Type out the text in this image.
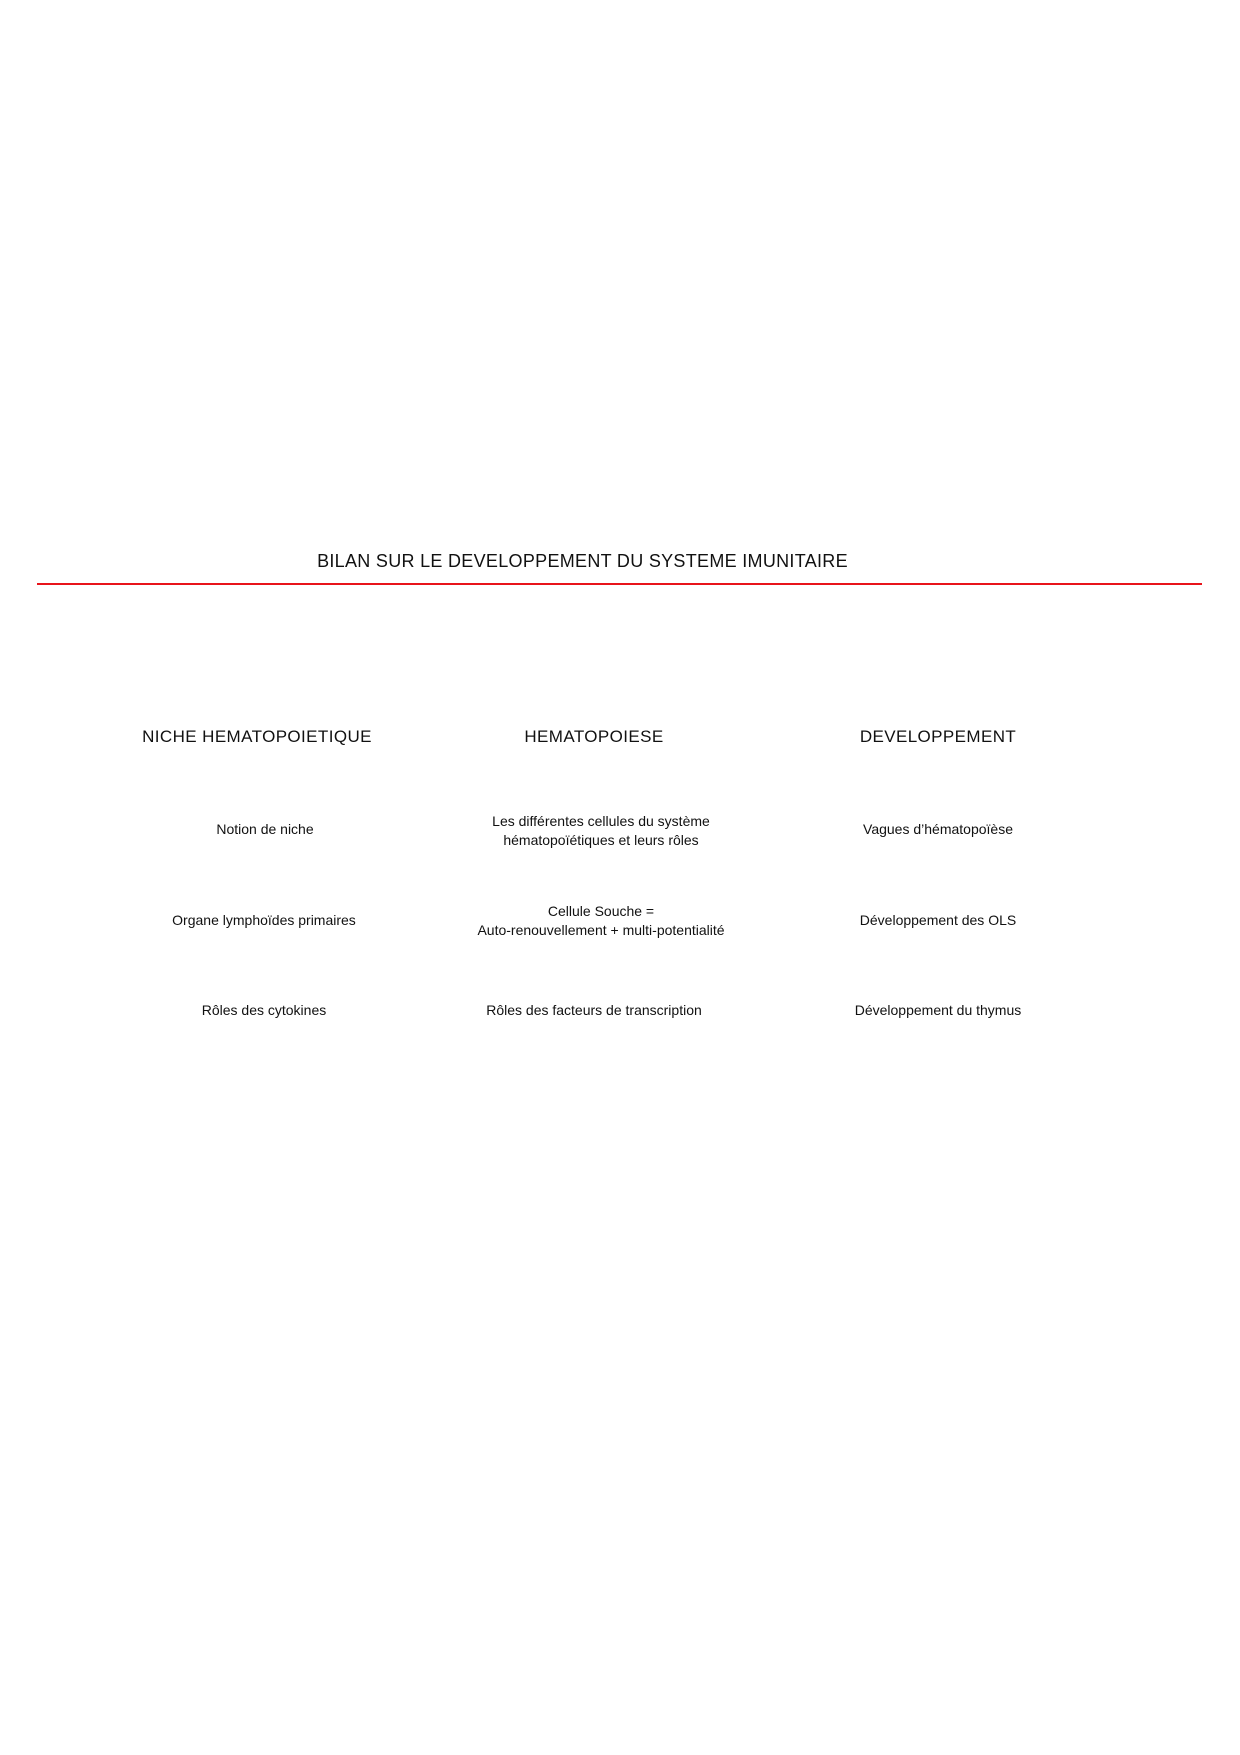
BILAN SUR LE DEVELOPPEMENT DU SYSTEME IMUNITAIRE
NICHE HEMATOPOIETIQUE
Notion de niche
Organe lymphoïdes primaires
Rôles des cytokines
HEMATOPOIESE
Les différentes cellules du système
hématopoïétiques et leurs rôles
Cellule Souche =
Auto-renouvellement + multi-potentialité
Rôles des facteurs de transcription
DEVELOPPEMENT
Vagues d’hématopoïèse
Développement des OLS
Développement du thymus
